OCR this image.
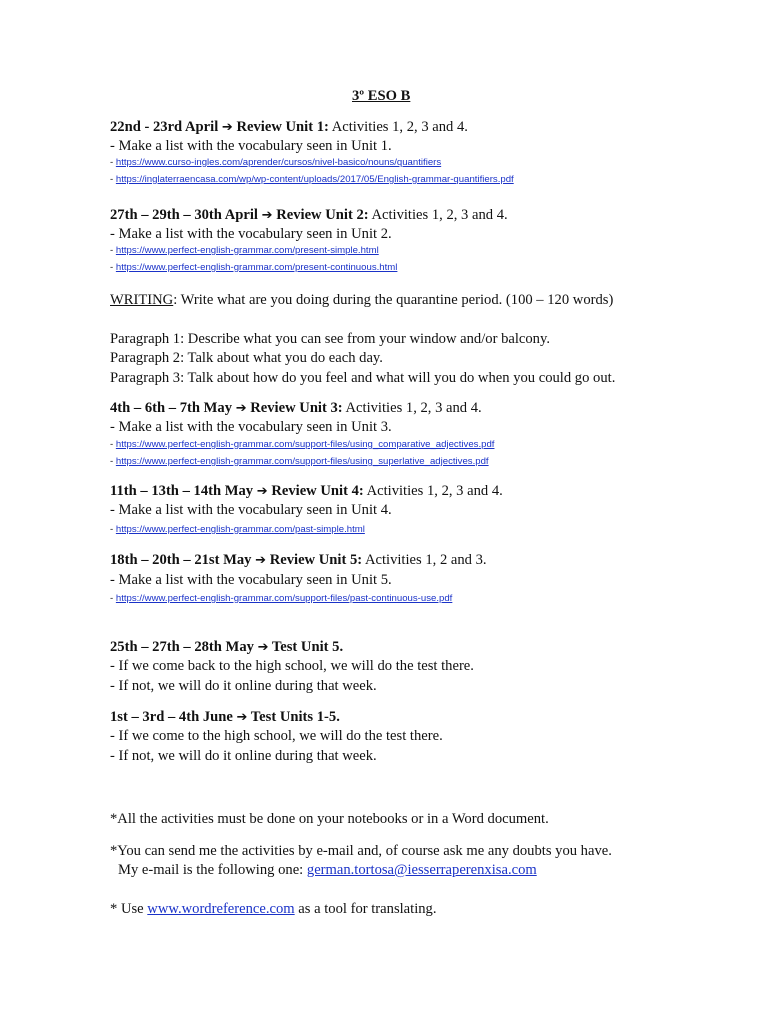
3º ESO B
22nd - 23rd April ➔ Review Unit 1: Activities 1, 2, 3 and 4.
- Make a list with the vocabulary seen in Unit 1.
- https://www.curso-ingles.com/aprender/cursos/nivel-basico/nouns/quantifiers
- https://inglaterraencasa.com/wp/wp-content/uploads/2017/05/English-grammar-quantifiers.pdf
27th – 29th – 30th April ➔ Review Unit 2: Activities 1, 2, 3 and 4.
- Make a list with the vocabulary seen in Unit 2.
- https://www.perfect-english-grammar.com/present-simple.html
- https://www.perfect-english-grammar.com/present-continuous.html
WRITING: Write what are you doing during the quarantine period. (100 – 120 words)
Paragraph 1: Describe what you can see from your window and/or balcony.
Paragraph 2: Talk about what you do each day.
Paragraph 3: Talk about how do you feel and what will you do when you could go out.
4th – 6th – 7th May ➔ Review Unit 3: Activities 1, 2, 3 and 4.
- Make a list with the vocabulary seen in Unit 3.
- https://www.perfect-english-grammar.com/support-files/using_comparative_adjectives.pdf
- https://www.perfect-english-grammar.com/support-files/using_superlative_adjectives.pdf
11th – 13th – 14th May ➔ Review Unit 4: Activities 1, 2, 3 and 4.
- Make a list with the vocabulary seen in Unit 4.
- https://www.perfect-english-grammar.com/past-simple.html
18th – 20th – 21st May ➔ Review Unit 5: Activities 1, 2 and 3.
- Make a list with the vocabulary seen in Unit 5.
- https://www.perfect-english-grammar.com/support-files/past-continuous-use.pdf
25th – 27th – 28th May ➔ Test Unit 5.
- If we come back to the high school, we will do the test there.
- If not, we will do it online during that week.
1st – 3rd – 4th June ➔ Test Units 1-5.
- If we come to the high school, we will do the test there.
- If not, we will do it online during that week.
*All the activities must be done on your notebooks or in a Word document.
*You can send me the activities by e-mail and, of course ask me any doubts you have.
My e-mail is the following one: german.tortosa@iesserraperenxisa.com
* Use www.wordreference.com as a tool for translating.
